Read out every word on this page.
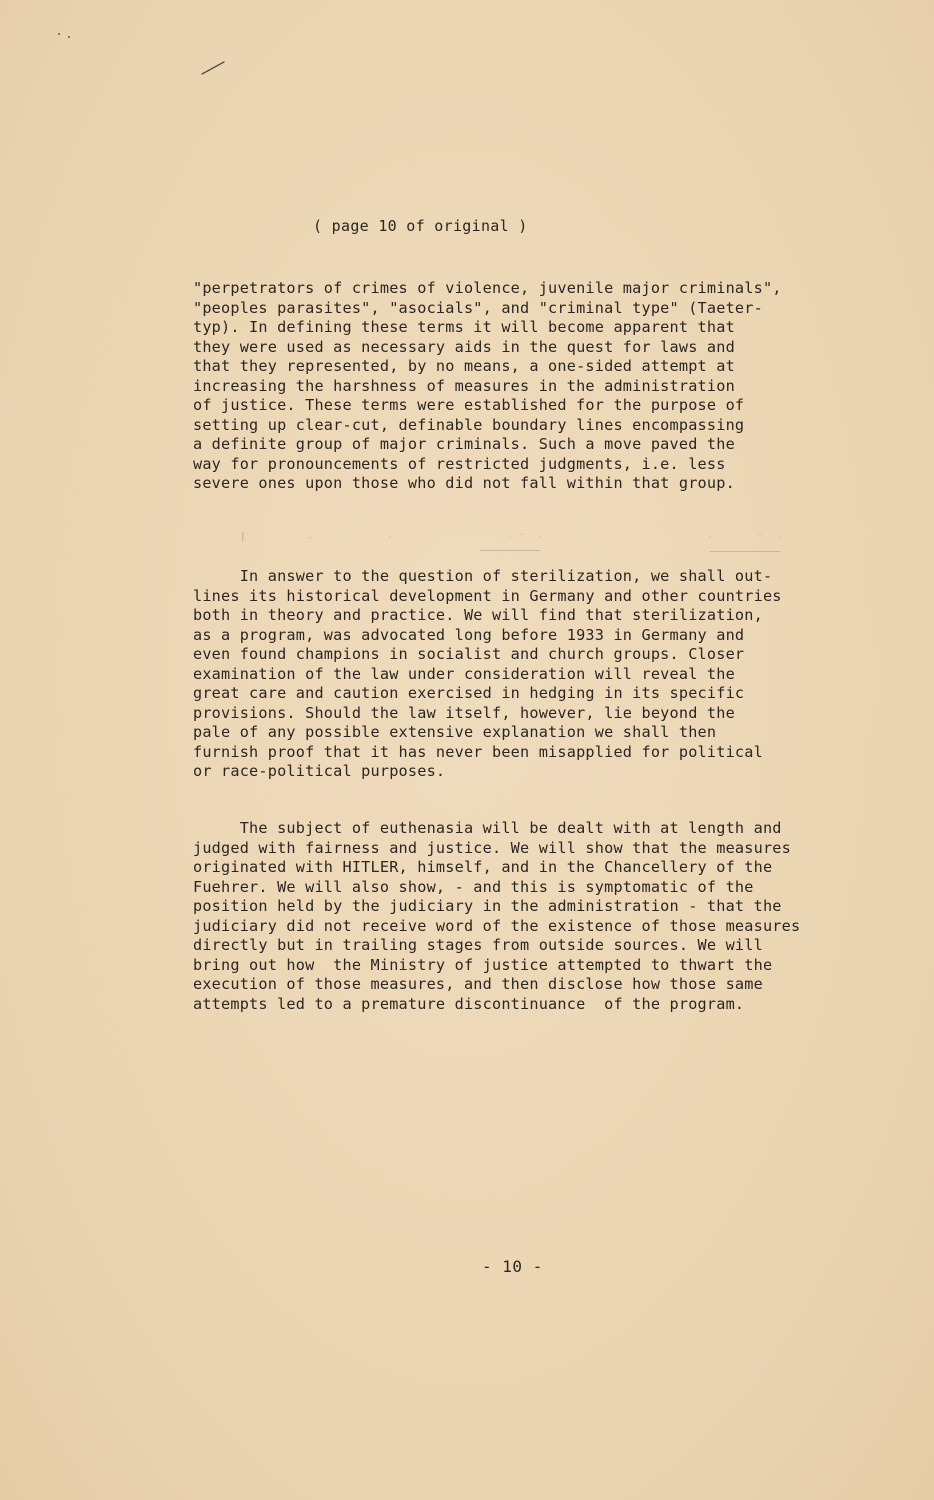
( page 10 of original )
"perpetrators of crimes of violence, juvenile major criminals",
"peoples parasites", "asocials", and "criminal type" (Taeter-
typ). In defining these terms it will become apparent that
they were used as necessary aids in the quest for laws and
that they represented, by no means, a one-sided attempt at
increasing the harshness of measures in the administration
of justice. These terms were established for the purpose of
setting up clear-cut, definable boundary lines encompassing
a definite group of major criminals. Such a move paved the
way for pronouncements of restricted judgments, i.e. less
severe ones upon those who did not fall within that group.
In answer to the question of sterilization, we shall out-
lines its historical development in Germany and other countries
both in theory and practice. We will find that sterilization,
as a program, was advocated long before 1933 in Germany and
even found champions in socialist and church groups. Closer
examination of the law under consideration will reveal the
great care and caution exercised in hedging in its specific
provisions. Should the law itself, however, lie beyond the
pale of any possible extensive explanation we shall then
furnish proof that it has never been misapplied for political
or race-political purposes.
The subject of euthenasia will be dealt with at length and
judged with fairness and justice. We will show that the measures
originated with HITLER, himself, and in the Chancellery of the
Fuehrer. We will also show, - and this is symptomatic of the
position held by the judiciary in the administration - that the
judiciary did not receive word of the existence of those measures
directly but in trailing stages from outside sources. We will
bring out how  the Ministry of justice attempted to thwart the
execution of those measures, and then disclose how those same
attempts led to a premature discontinuance  of the program.
- 10 -
